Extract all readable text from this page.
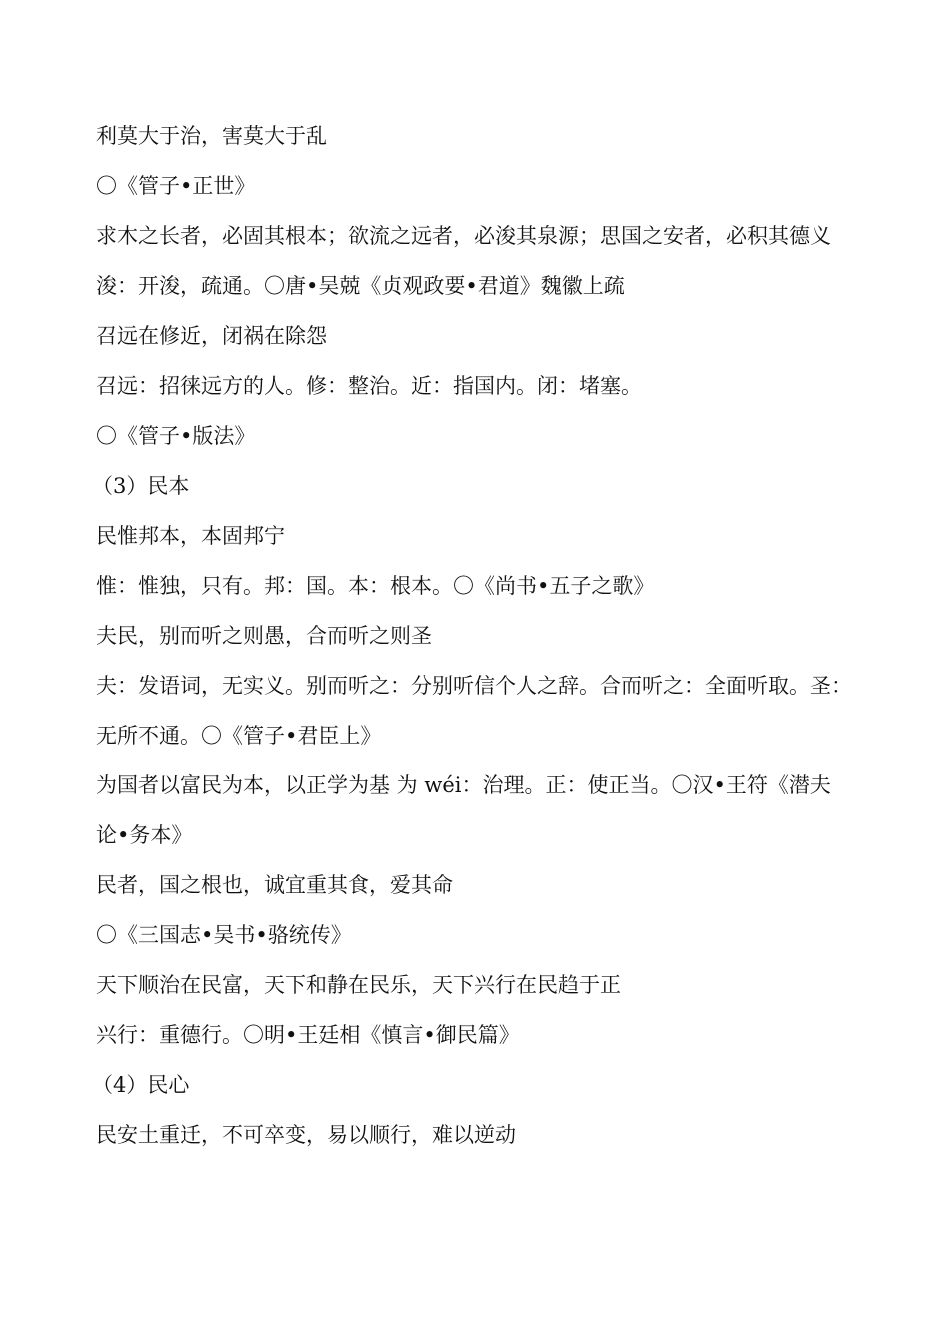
利莫大于治，害莫大于乱
〇《管子•正世》
求木之长者，必固其根本；欲流之远者，必浚其泉源；思国之安者，必积其德义
浚：开浚，疏通。〇唐•吴兢《贞观政要•君道》魏徽上疏
召远在修近，闭祸在除怨
召远：招徕远方的人。修：整治。近：指国内。闭：堵塞。
〇《管子•版法》
（3）民本
民惟邦本，本固邦宁
惟：惟独，只有。邦：国。本：根本。〇《尚书•五子之歌》
夫民，别而听之则愚，合而听之则圣
夫：发语词，无实义。别而听之：分别听信个人之辞。合而听之：全面听取。圣：
无所不通。〇《管子•君臣上》
为国者以富民为本，以正学为基 为 wéi：治理。正：使正当。〇汉•王符《潜夫
论•务本》
民者，国之根也，诚宜重其食，爱其命
〇《三国志•吴书•骆统传》
天下顺治在民富，天下和静在民乐，天下兴行在民趋于正
兴行：重德行。〇明•王廷相《慎言•御民篇》
（4）民心
民安土重迁，不可卒变，易以顺行，难以逆动
